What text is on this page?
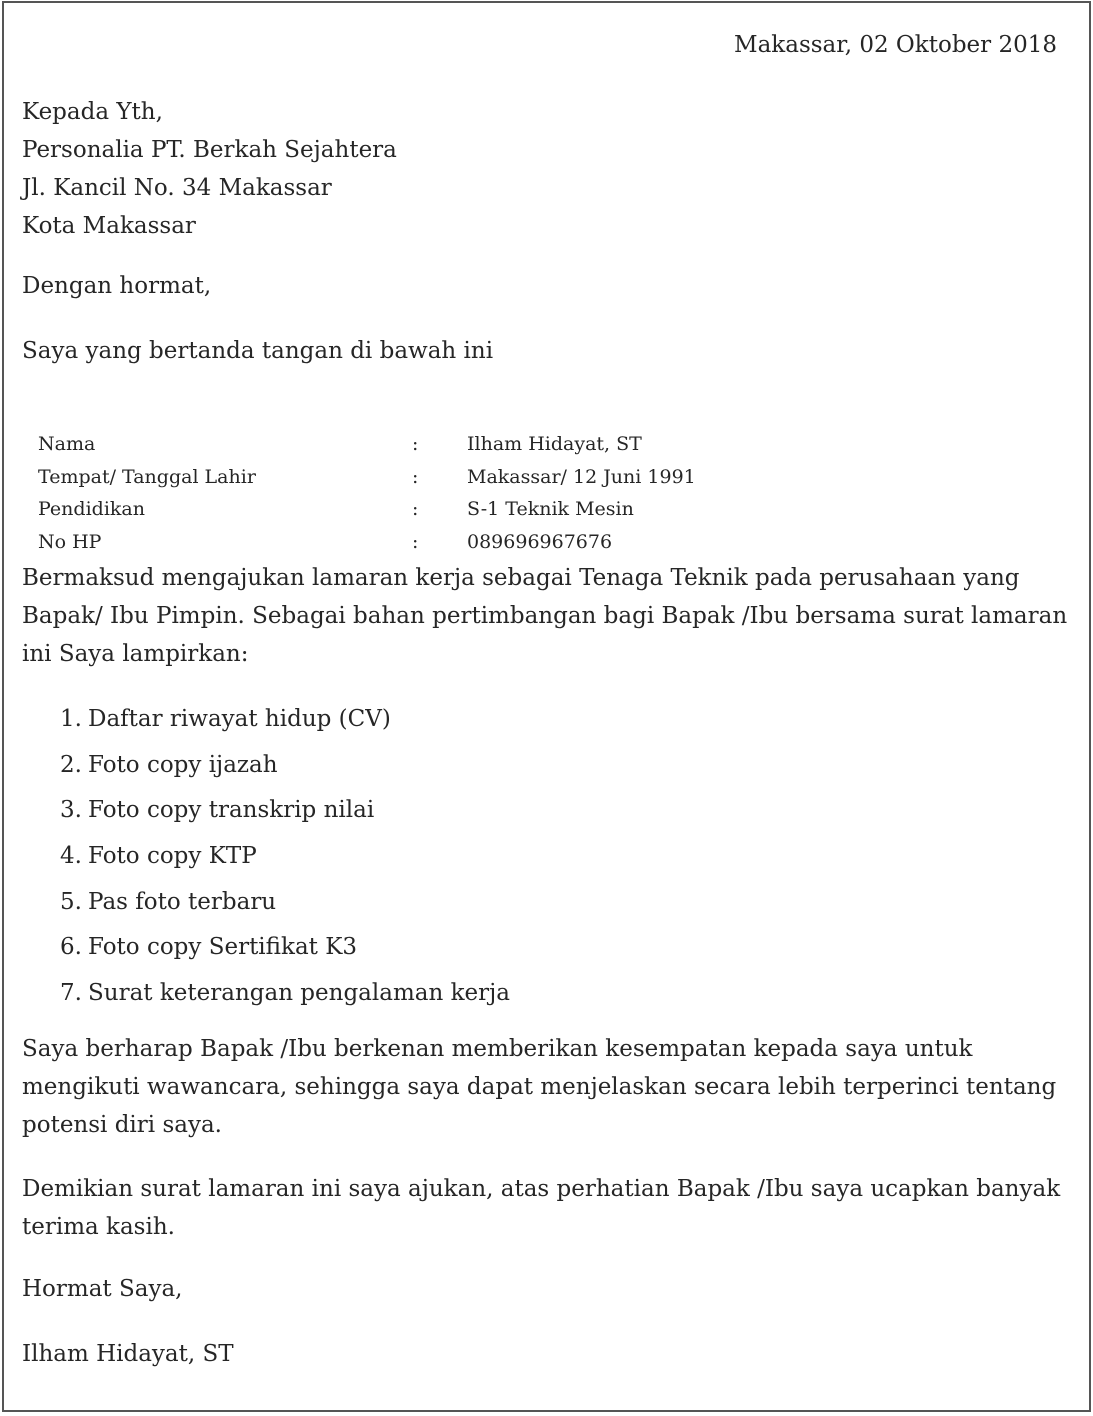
Makassar, 02 Oktober 2018
Kepada Yth,
Personalia PT. Berkah Sejahtera
Jl. Kancil No. 34 Makassar
Kota Makassar
Dengan hormat,
Saya yang bertanda tangan di bawah ini
Nama	:	Ilham Hidayat, ST
Tempat/ Tanggal Lahir	:	Makassar/ 12 Juni 1991
Pendidikan	:	S-1 Teknik Mesin
No HP	:	089696967676
Bermaksud mengajukan lamaran kerja sebagai Tenaga Teknik pada perusahaan yang
Bapak/ Ibu Pimpin. Sebagai bahan pertimbangan bagi Bapak /Ibu bersama surat lamaran
ini Saya lampirkan:
1. Daftar riwayat hidup (CV)
2. Foto copy ijazah
3. Foto copy transkrip nilai
4. Foto copy KTP
5. Pas foto terbaru
6. Foto copy Sertifikat K3
7. Surat keterangan pengalaman kerja
Saya berharap Bapak /Ibu berkenan memberikan kesempatan kepada saya untuk
mengikuti wawancara, sehingga saya dapat menjelaskan secara lebih terperinci tentang
potensi diri saya.
Demikian surat lamaran ini saya ajukan, atas perhatian Bapak /Ibu saya ucapkan banyak
terima kasih.
Hormat Saya,
Ilham Hidayat, ST
